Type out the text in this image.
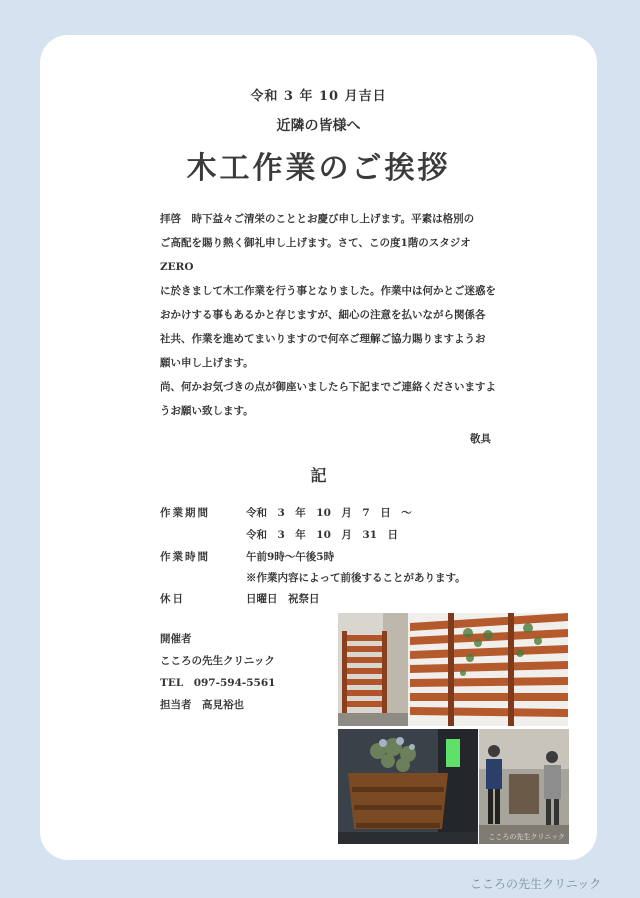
令和 3 年 10 月吉日
近隣の皆様へ
木工作業のご挨拶

拝啓　時下益々ご清栄のこととお慶び申し上げます。平素は格別の

ご高配を賜り熱く御礼申し上げます。さて、この度1階のスタジオZERO

に於きまして木工作業を行う事となりました。作業中は何かとご迷惑を

おかけする事もあるかと存じますが、細心の注意を払いながら関係各

社共、作業を進めてまいりますので何卒ご理解ご協力賜りますようお

願い申し上げます。

尚、何かお気づきの点が御座いましたら下記までご連絡くださいますよ

うお願い致します。

敬具
記
作業期間	令和　3　年　10　月　7　日　～
令和　3　年　10　月　31　日
作業時間	午前9時～午後5時
※作業内容によって前後することがあります。
休日	日曜日　祝祭日
開催者
こころの先生クリニック
TEL　097-594-5561
担当者　高見裕也
こころの先生クリニック
こころの先生クリニック
